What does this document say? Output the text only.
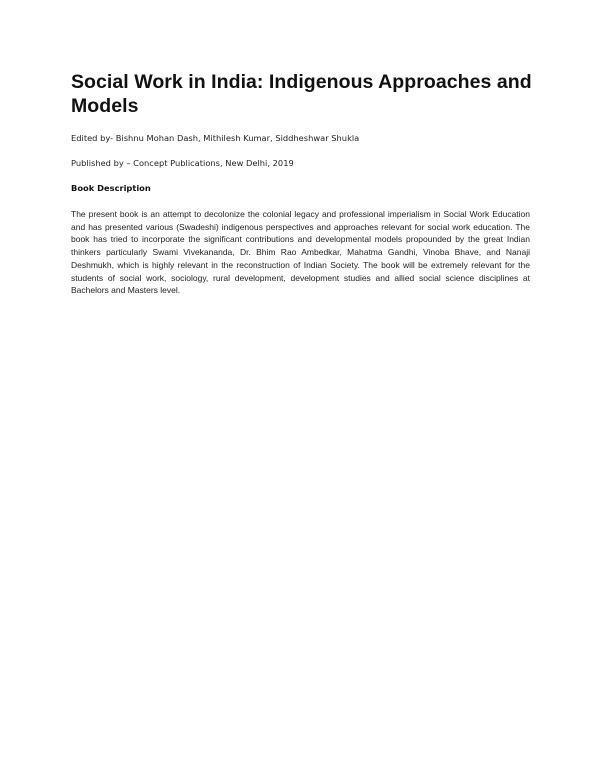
Social Work in India: Indigenous Approaches and Models

Edited by- Bishnu Mohan Dash, Mithilesh Kumar, Siddheshwar Shukla

Published by – Concept Publications, New Delhi, 2019

Book Description

The present book is an attempt to decolonize the colonial legacy and professional imperialism in Social Work Education and has presented various (Swadeshi) indigenous perspectives and approaches relevant for social work education. The book has tried to incorporate the significant contributions and developmental models propounded by the great Indian thinkers particularly Swami Vivekananda, Dr. Bhim Rao Ambedkar, Mahatma Gandhi, Vinoba Bhave, and Nanaji Deshmukh, which is highly relevant in the reconstruction of Indian Society. The book will be extremely relevant for the students of social work, sociology, rural development, development studies and allied social science disciplines at Bachelors and Masters level.
